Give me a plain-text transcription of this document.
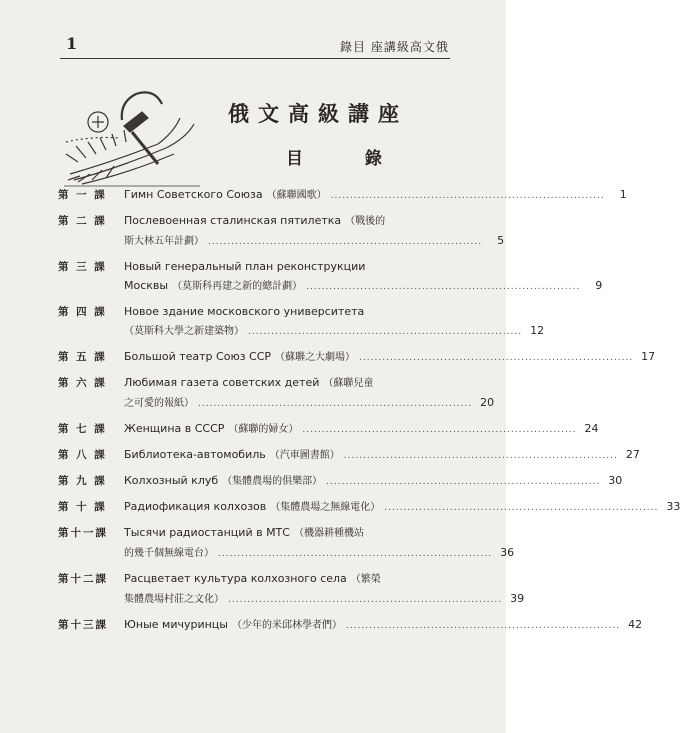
1	錄目 座講級高文俄
俄文高級講座
目 錄
第 一 課	Гимн Советского Союза （蘇聯國歌） .......................................................................	1
第 二 課	Послевоенная сталинская пятилетка （戰後的
斯大林五年計劃） .......................................................................	5
第 三 課	Новый генеральный план реконструкции
Москвы （莫斯科再建之新的總計劃） .......................................................................	9
第 四 課	Новое здание московского университета
（莫斯科大學之新建築物） ....................................................................... 12
第 五 課	Большой театр Союз ССР （蘇聯之大劇場） ....................................................................... 17
第 六 課	Любимая газета советских детей （蘇聯兒童
之可愛的報紙） ....................................................................... 20
第 七 課	Женщина в СССР （蘇聯的婦女） ....................................................................... 24
第 八 課	Библиотека-автомобиль （汽車圖書館） ....................................................................... 27
第 九 課	Колхозный клуб （集體農場的俱樂部） ....................................................................... 30
第 十 課	Радиофикация колхозов （集體農場之無線電化） ....................................................................... 33
第十一課	Тысячи радиостанций в МТС （機器耕種機站
的幾千個無線電台） ....................................................................... 36
第十二課	Расцветает культура колхозного села （繁榮
集體農場村莊之文化） ....................................................................... 39
第十三課	Юные мичуринцы （少年的米邱林學者們） ....................................................................... 42
